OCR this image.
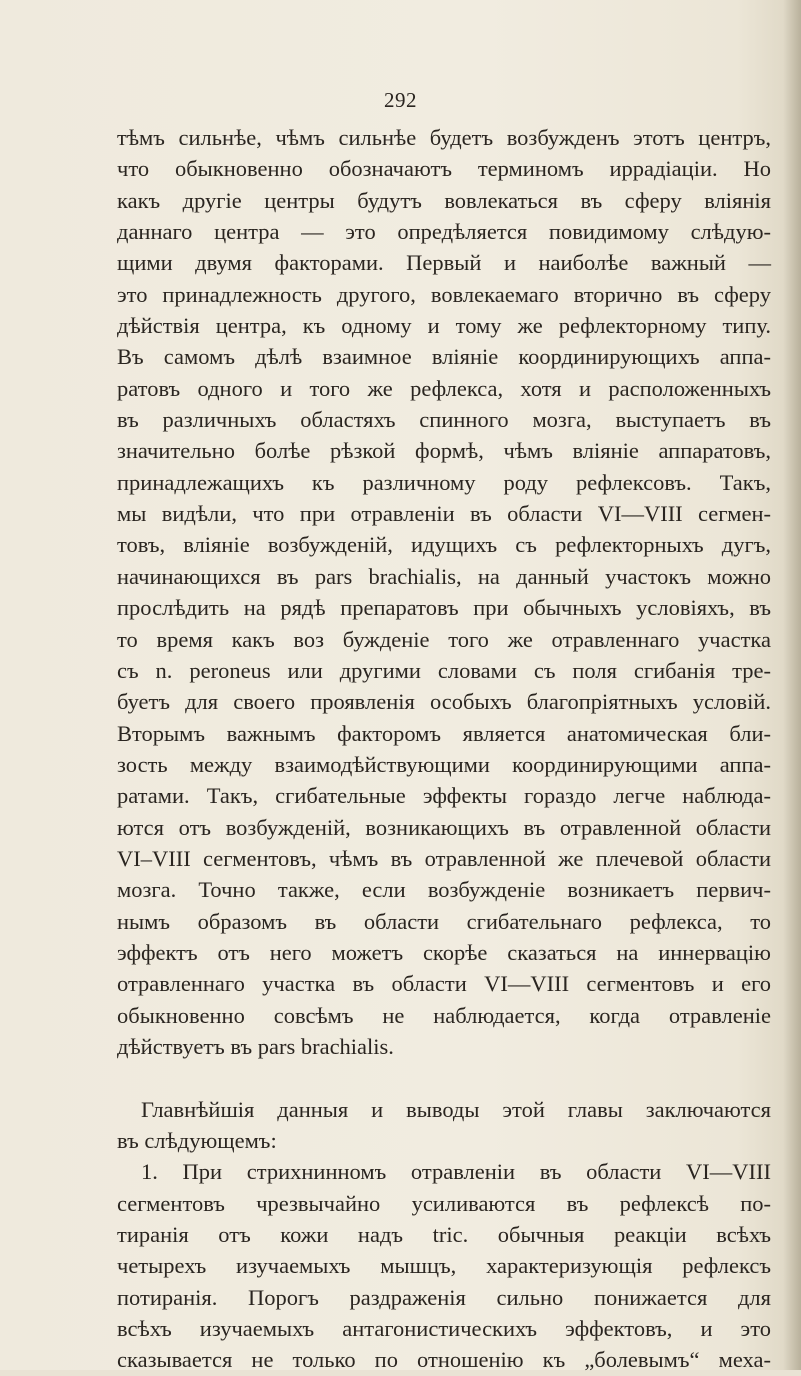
292
тѣмъ сильнѣе, чѣмъ сильнѣе будетъ возбужденъ этотъ центръ,
что обыкновенно обозначаютъ терминомъ иррадіаціи. Но
какъ другіе центры будутъ вовлекаться въ сферу вліянія
даннаго центра — это опредѣляется повидимому слѣдую-
щими двумя факторами. Первый и наиболѣе важный —
это принадлежность другого, вовлекаемаго вторично въ сферу
дѣйствія центра, къ одному и тому же рефлекторному типу.
Въ самомъ дѣлѣ взаимное вліяніе координирующихъ аппа-
ратовъ одного и того же рефлекса, хотя и расположенныхъ
въ различныхъ областяхъ спинного мозга, выступаетъ въ
значительно болѣе рѣзкой формѣ, чѣмъ вліяніе аппаратовъ,
принадлежащихъ къ различному роду рефлексовъ. Такъ,
мы видѣли, что при отравленіи въ области VI—VIII сегмен-
товъ, вліяніе возбужденій, идущихъ съ рефлекторныхъ дугъ,
начинающихся въ pars brachialis, на данный участокъ можно
прослѣдить на рядѣ препаратовъ при обычныхъ условіяхъ, въ
то время какъ воз бужденіе того же отравленнаго участка
съ n. peroneus или другими словами съ поля сгибанія тре-
буетъ для своего проявленія особыхъ благопріятныхъ условій.
Вторымъ важнымъ факторомъ является анатомическая бли-
зость между взаимодѣйствующими координирующими аппа-
ратами. Такъ, сгибательные эффекты гораздо легче наблюда-
ются отъ возбужденій, возникающихъ въ отравленной области
VI–VIII сегментовъ, чѣмъ въ отравленной же плечевой области
мозга. Точно также, если возбужденіе возникаетъ первич-
нымъ образомъ въ области сгибательнаго рефлекса, то
эффектъ отъ него можетъ скорѣе сказаться на иннервацію
отравленнаго участка въ области VI—VIII сегментовъ и его
обыкновенно совсѣмъ не наблюдается, когда отравленіе
дѣйствуетъ въ pars brachialis.
Главнѣйшія данныя и выводы этой главы заключаются
въ слѣдующемъ:
1. При стрихнинномъ отравленіи въ области VI—VIII
сегментовъ чрезвычайно усиливаются въ рефлексѣ по-
тиранія отъ кожи надъ tric. обычныя реакціи всѣхъ
четырехъ изучаемыхъ мышцъ, характеризующія рефлексъ
потиранія. Порогъ раздраженія сильно понижается для
всѣхъ изучаемыхъ антагонистическихъ эффектовъ, и это
сказывается не только по отношенію къ „болевымъ“ меха-
